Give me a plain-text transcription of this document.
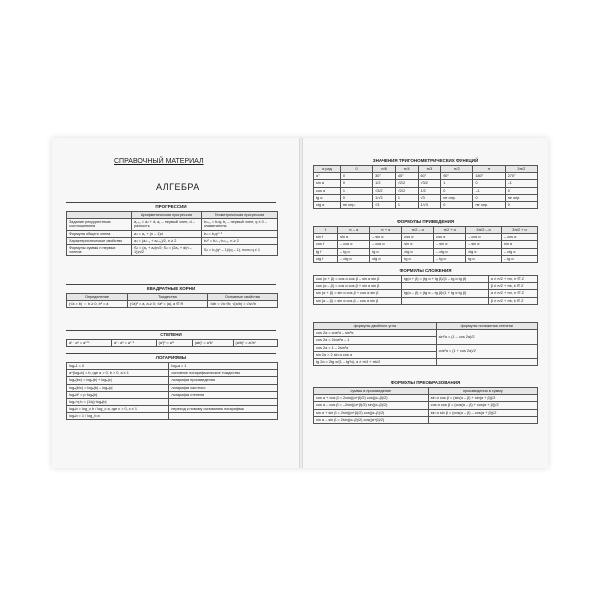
СПРАВОЧНЫЙ МАТЕРИАЛ
АЛГЕБРА
ПРОГРЕССИИ
	Арифметическая прогрессия	Геометрическая прогрессия
Задание рекуррентным соотношением	a₁₊₁ = aₙ + d; a₁ – первый член, d – разность	bₙ₊₁ = bₙq; b₁ – первый член, q ≠ 0 – знаменатель
Формула общего члена	aₙ = a₁ + (n – 1)d	bₙ = b₁qⁿ⁻¹
Характеристическое свойство	aₙ = (aₙ₋₁ + aₙ₊₁)/2, n ≥ 2	bₙ² = bₙ₋₁·bₙ₊₁, n ≥ 2
Формулы суммы n первых членов	Sₙ = (a₁ + aₙ)n/2; Sₙ = (2a₁ + d(n – 1))n/2	Sₙ = b₁(qⁿ – 1)/(q – 1), если q ≠ 1
КВАДРАТНЫЕ КОРНИ
Определение	Тождества	Основные свойства
(√a = b) ⇔ b ≥ 0, b² = a	(√a)² = a, a ≥ 0; √a² = |a|, a ∈ R	√ab = √a·√b; √(a/b) = √a/√b
СТЕПЕНИ
aʳ · aˢ = aʳ⁺ˢ	aʳ : aˢ = aʳ⁻ˢ	(aʳ)ˢ = aʳˢ	(ab)ʳ = aʳbʳ	(a/b)ʳ = aʳ/bʳ
ЛОГАРИФМЫ
logₐ1 = 0	logₐa = 1
a^(logₐb) = b, где a > 0, b > 0, a ≠ 1	основное логарифмическое тождество
logₐ(bc) = logₐ|b| + logₐ|c|	логарифм произведения
logₐ(b/c) = logₐ|b| – logₐ|c|	логарифм частного
logₐbᵖ = p·logₐ|b|	логарифм степени
logₐ^q b = (1/q)·logₐ|b|	
logₐb = log_c b / log_c a, где c > 0, c ≠ 1	переход к новому основанию логарифма
logₐb = 1 / log_b a	
ЗНАЧЕНИЯ ТРИГОНОМЕТРИЧЕСКИХ ФУНКЦИЙ
α рад	0	π/6	π/4	π/3	π/2	π	3π/2
α°	0	30°	45°	60°	90°	180°	270°
sin α	0	1/2	√2/2	√3/2	1	0	–1
cos α	1	√3/2	√2/2	1/2	0	–1	0
tg α	0	1/√3	1	√3	не опр.	0	не опр.
ctg α	не опр.	√3	1	1/√3	0	не опр.	0
ФОРМУЛЫ ПРИВЕДЕНИЯ
f	π – α	π + α	π/2 – α	π/2 + α	3π/2 – α	3π/2 + α
sin f	sin α	– sin α	cos α	cos α	– cos α	– cos α
cos f	– cos α	– cos α	sin α	– sin α	– sin α	sin α
tg f	– tg α	tg α	ctg α	– ctg α	ctg α	– ctg α
ctg f	– ctg α	ctg α	tg α	– tg α	tg α	– tg α
ФОРМУЛЫ СЛОЖЕНИЯ
cos (α + β) = cos α cos β – sin α sin β	tg(α + β) = (tg α + tg β)/(1 – tg α tg β)	α ≠ π/2 + πn, n ∈ Z
cos (α – β) = cos α cos β + sin α sin β		β ≠ π/2 + πk, k ∈ Z
sin (α + β) = sin α cos β + cos α sin β	tg(α – β) = (tg α – tg β)/(1 + tg α tg β)	α ≠ π/2 + πn, n ∈ Z
sin (α – β) = sin α cos β – cos α sin β		β ≠ π/2 + πk, k ∈ Z
формулы двойного угла	формулы понижения степени
cos 2α = cos²α – sin²α	sin²α = (1 – cos 2α)/2
cos 2α = 2cos²α – 1	
cos 2α = 1 – 2sin²α	cos²α = (1 + cos 2α)/2
sin 2α = 2 sin α cos α	
tg 2α = 2tg α/(1 – tg²α), α ≠ π/4 + πk/2	
ФОРМУЛЫ ПРЕОБРАЗОВАНИЯ
суммы в произведение	произведения в сумму
cos α + cos β = 2cos((α+β)/2) cos((α–β)/2)	sin α cos β = (sin(α – β) + sin(α + β))/2
cos α – cos β = –2sin((α+β)/2) sin((α–β)/2)	cos α cos β = (cos(α – β) + cos(α + β))/2
sin α + sin β = 2sin((α+β)/2) cos((α–β)/2)	sin α sin β = (cos(α – β) – cos(α + β))/2
sin α – sin β = 2sin((α–β)/2) cos((α+β)/2)	
